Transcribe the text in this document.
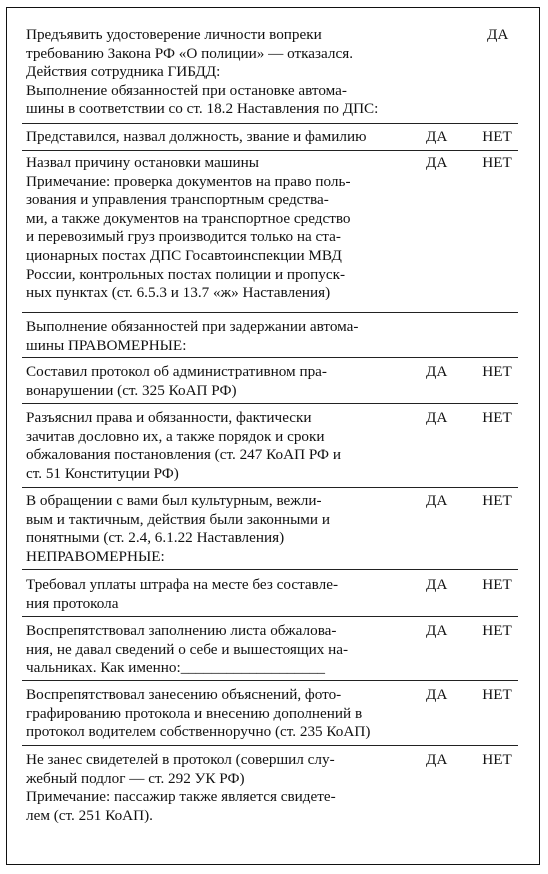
Предъявить удостоверение личности вопреки
требованию Закона РФ «О полиции» — отказался.
Действия сотрудника ГИБДД:
Выполнение обязанностей при остановке автома-
шины в соответствии со ст. 18.2 Наставления по ДПС:
ДА
Представился, назвал должность, звание и фамилию	ДА НЕТ
Назвал причину остановки машины
Примечание: проверка документов на право поль-
зования и управления транспортным средства-
ми, а также документов на транспортное средство
и перевозимый груз производится только на ста-
ционарных постах ДПС Госавтоинспекции МВД
России, контрольных постах полиции и пропуск-
ных пунктах (ст. 6.5.3 и 13.7 «ж» Наставления)
ДА НЕТ
Выполнение обязанностей при задержании автома-
шины ПРАВОМЕРНЫЕ:
Составил протокол об административном пра-
вонарушении (ст. 325 КоАП РФ)
ДА НЕТ
Разъяснил права и обязанности, фактически
зачитав дословно их, а также порядок и сроки
обжалования постановления (ст. 247 КоАП РФ и
ст. 51 Конституции РФ)
ДА НЕТ
В обращении с вами был культурным, вежли-
вым и тактичным, действия были законными и
понятными (ст. 2.4, 6.1.22 Наставления)
НЕПРАВОМЕРНЫЕ:
ДА НЕТ
Требовал уплаты штрафа на месте без составле-
ния протокола
ДА НЕТ
Воспрепятствовал заполнению листа обжалова-
ния, не давал сведений о себе и вышестоящих на-
чальниках. Как именно:___________________
ДА НЕТ
Воспрепятствовал занесению объяснений, фото-
графированию протокола и внесению дополнений в
протокол водителем собственноручно (ст. 235 КоАП)
ДА НЕТ
Не занес свидетелей в протокол (совершил слу-
жебный подлог — ст. 292 УК РФ)
Примечание: пассажир также является свидете-
лем (ст. 251 КоАП).
ДА НЕТ
